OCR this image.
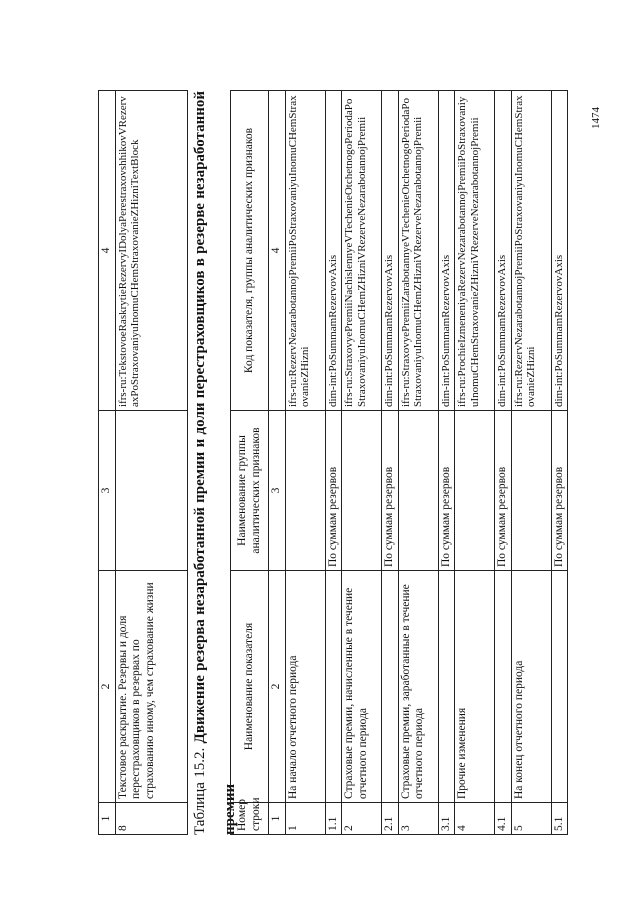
1	2	3	4
8	Текстовое раскрытие. Резервы и доля перестраховщиков в резервах по страхованию иному, чем страхование жизни		ifrs-ru:TekstovoeRaskrytieRezervyIDolyaPerestraxovshhikovVRezervaxPoStraxovaniyuInomuCHemStraxovanieZHizniTextBlock
Таблица 15.2. Движение резерва незаработанной премии и доли перестраховщиков в резерве незаработанной премии
Номер строки	Наименование показателя	Наименование группы аналитических признаков	Код показателя, группы аналитических признаков
1	2	3	4
1	На начало отчетного периода		ifrs-ru:RezervNezarabotannojPremiiPoStraxovaniyuInomuCHemStraxovanieZHizni
1.1		По суммам резервов	dim-int:PoSummamRezervovAxis
2	Страховые премии, начисленные в течение отчетного периода		ifrs-ru:StraxovyePremiiNachislennyeVTechenieOtchetnogoPeriodaPoStraxovaniyuInomuCHemZHizniVRezerveNezarabotannojPremii
2.1		По суммам резервов	dim-int:PoSummamRezervovAxis
3	Страховые премии, заработанные в течение отчетного периода		ifrs-ru:StraxovyePremiiZarabotannyeVTechenieOtchetnogoPeriodaPoStraxovaniyuInomuCHemZHizniVRezerveNezarabotannojPremii
3.1		По суммам резервов	dim-int:PoSummamRezervovAxis
4	Прочие изменения		ifrs-ru:ProchieIzmeneniyaRezervNezarabotannojPremiiPoStraxovaniyuInomuCHemStraxovanieZHizniVRezerveNezarabotannojPremii
4.1		По суммам резервов	dim-int:PoSummamRezervovAxis
5	На конец отчетного периода		ifrs-ru:RezervNezarabotannojPremiiPoStraxovaniyuInomuCHemStraxovanieZHizni
5.1		По суммам резервов	dim-int:PoSummamRezervovAxis
1474
